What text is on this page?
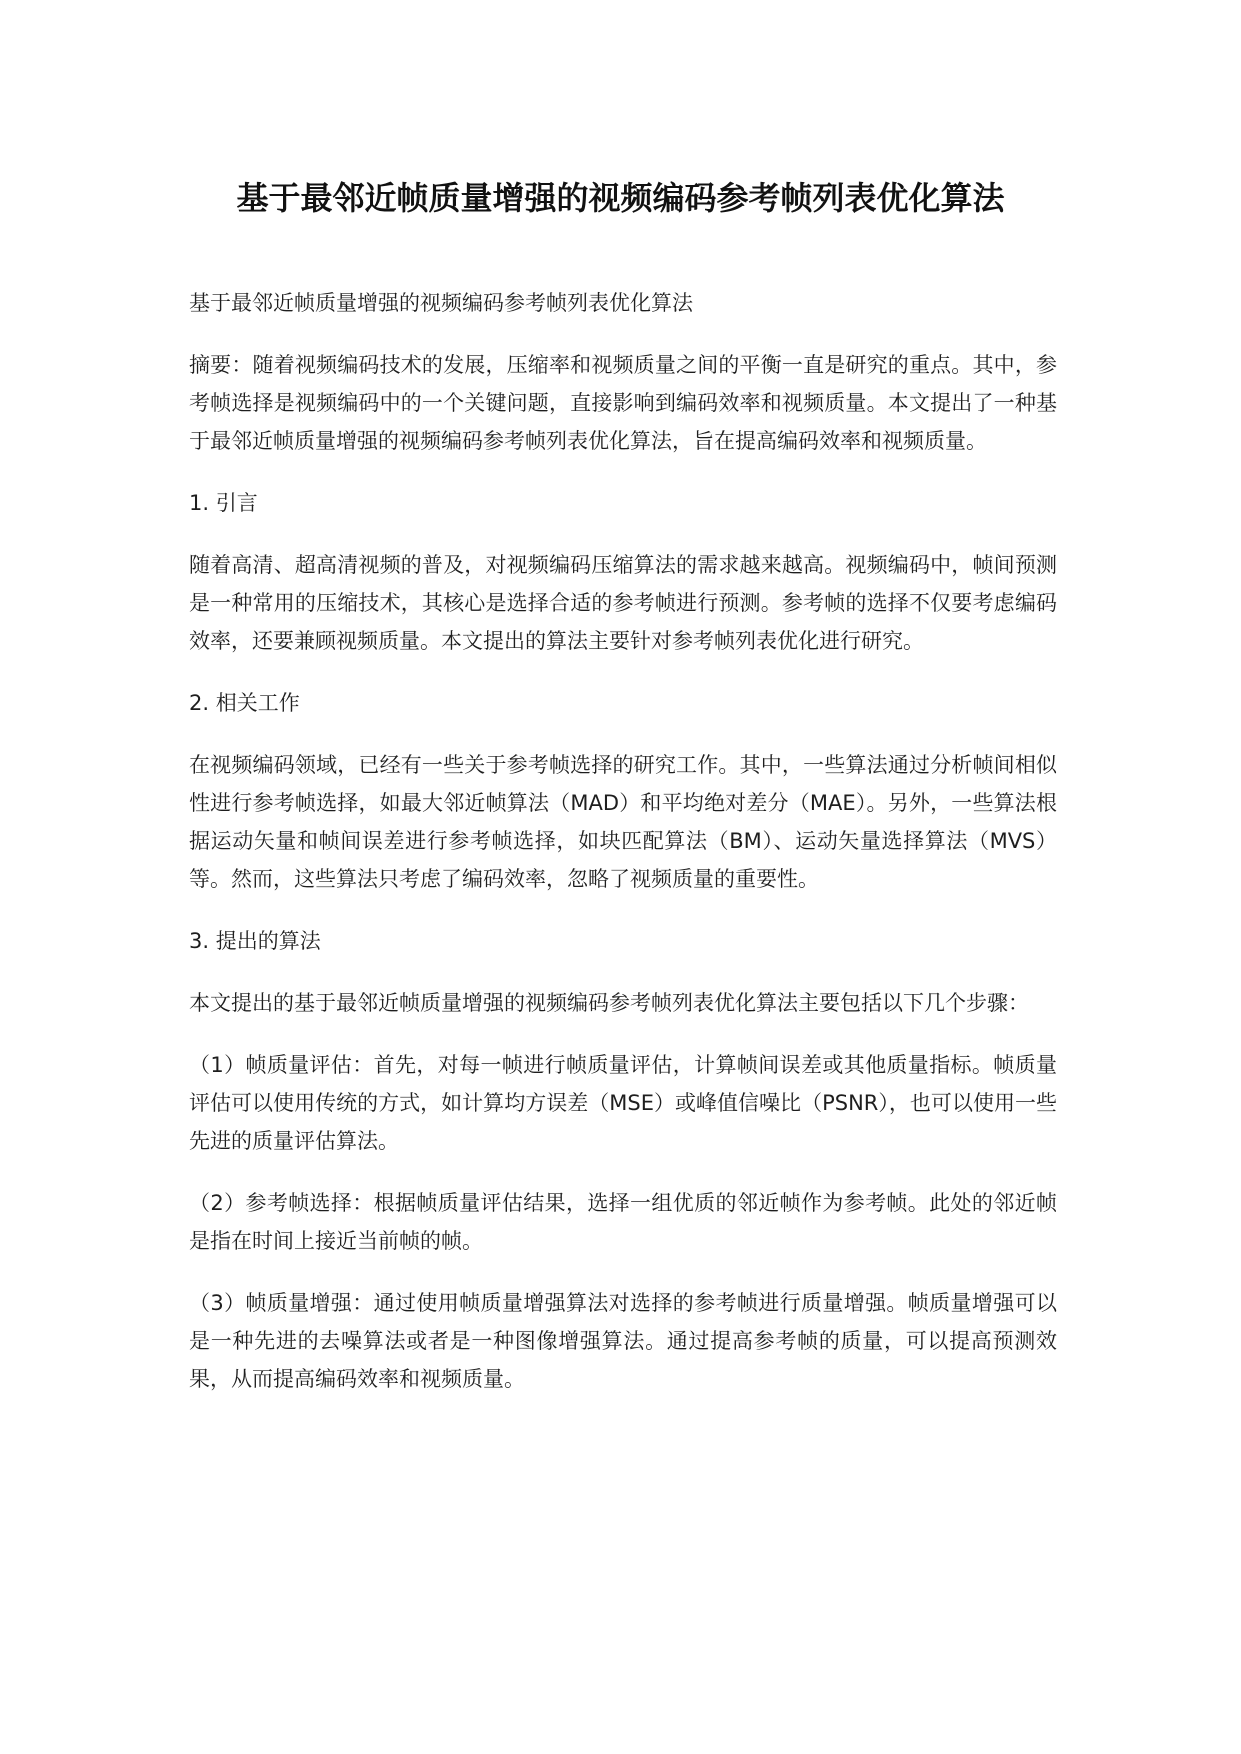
基于最邻近帧质量增强的视频编码参考帧列表优化算法

基于最邻近帧质量增强的视频编码参考帧列表优化算法

摘要：随着视频编码技术的发展，压缩率和视频质量之间的平衡一直是研究的重点。其中，参考帧选择是视频编码中的一个关键问题，直接影响到编码效率和视频质量。本文提出了一种基于最邻近帧质量增强的视频编码参考帧列表优化算法，旨在提高编码效率和视频质量。

1. 引言

随着高清、超高清视频的普及，对视频编码压缩算法的需求越来越高。视频编码中，帧间预测是一种常用的压缩技术，其核心是选择合适的参考帧进行预测。参考帧的选择不仅要考虑编码效率，还要兼顾视频质量。本文提出的算法主要针对参考帧列表优化进行研究。

2. 相关工作

在视频编码领域，已经有一些关于参考帧选择的研究工作。其中，一些算法通过分析帧间相似性进行参考帧选择，如最大邻近帧算法（MAD）和平均绝对差分（MAE）。另外，一些算法根据运动矢量和帧间误差进行参考帧选择，如块匹配算法（BM）、运动矢量选择算法（MVS）等。然而，这些算法只考虑了编码效率，忽略了视频质量的重要性。

3. 提出的算法

本文提出的基于最邻近帧质量增强的视频编码参考帧列表优化算法主要包括以下几个步骤：

（1）帧质量评估：首先，对每一帧进行帧质量评估，计算帧间误差或其他质量指标。帧质量评估可以使用传统的方式，如计算均方误差（MSE）或峰值信噪比（PSNR），也可以使用一些先进的质量评估算法。

（2）参考帧选择：根据帧质量评估结果，选择一组优质的邻近帧作为参考帧。此处的邻近帧是指在时间上接近当前帧的帧。

（3）帧质量增强：通过使用帧质量增强算法对选择的参考帧进行质量增强。帧质量增强可以是一种先进的去噪算法或者是一种图像增强算法。通过提高参考帧的质量，可以提高预测效果，从而提高编码效率和视频质量。
